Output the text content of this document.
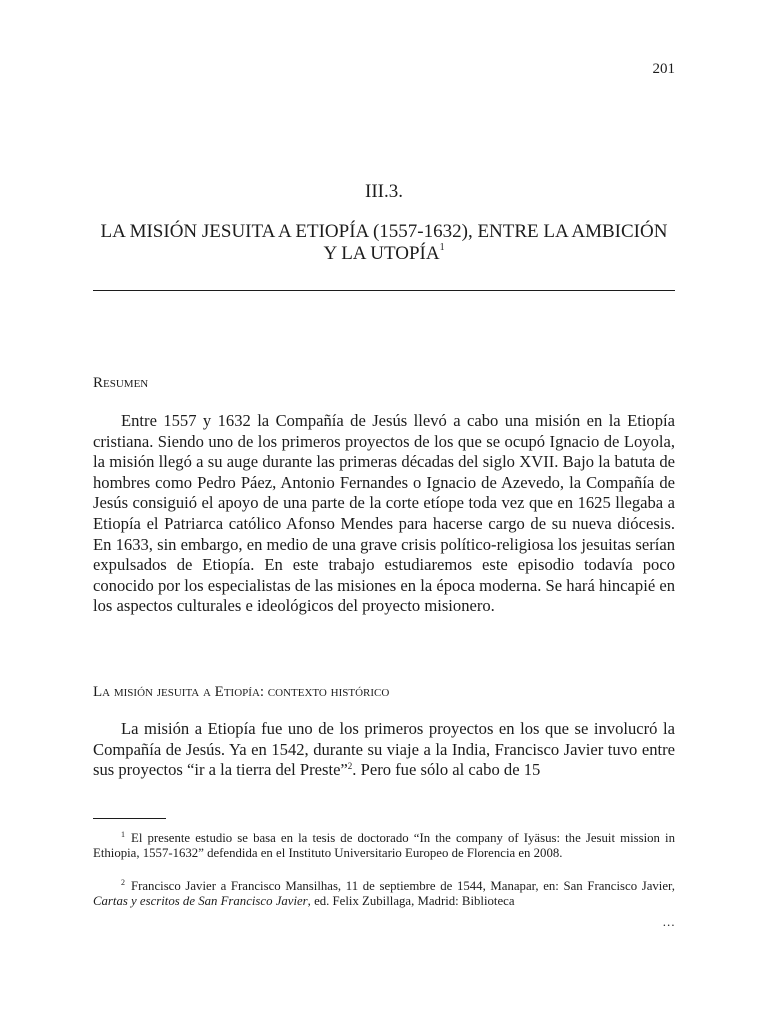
201
III.3.
LA MISIÓN JESUITA A ETIOPÍA (1557-1632), ENTRE LA AMBICIÓN Y LA UTOPÍA$^1$
Resumen

Entre 1557 y 1632 la Compañía de Jesús llevó a cabo una misión en la Etiopía cristiana. Siendo uno de los primeros proyectos de los que se ocupó Ignacio de Loyola, la misión llegó a su auge durante las primeras décadas del siglo XVII. Bajo la batuta de hombres como Pedro Páez, Antonio Fernandes o Ignacio de Azevedo, la Compañía de Jesús consiguió el apoyo de una parte de la corte etíope toda vez que en 1625 llegaba a Etiopía el Patriarca católico Afonso Mendes para hacerse cargo de su nueva diócesis. En 1633, sin embargo, en medio de una grave crisis político-religiosa los jesuitas serían expulsados de Etiopía. En este trabajo estudiaremos este episodio todavía poco conocido por los especialistas de las misiones en la época moderna. Se hará hincapié en los aspectos culturales e ideológicos del proyecto misionero.

La misión jesuita a Etiopía: contexto histórico

La misión a Etiopía fue uno de los primeros proyectos en los que se involucró la Compañía de Jesús. Ya en 1542, durante su viaje a la India, Francisco Javier tuvo entre sus proyectos “ir a la tierra del Preste”$^2$. Pero fue sólo al cabo de 15

$^1$ El presente estudio se basa en la tesis de doctorado “In the company of Iyäsus: the Jesuit mission in Ethiopia, 1557-1632” defendida en el Instituto Universitario Europeo de Florencia en 2008.

$^2$ Francisco Javier a Francisco Mansilhas, 11 de septiembre de 1544, Manapar, en: San Francisco Javier, Cartas y escritos de San Francisco Javier, ed. Felix Zubillaga, Madrid: Biblioteca

…
